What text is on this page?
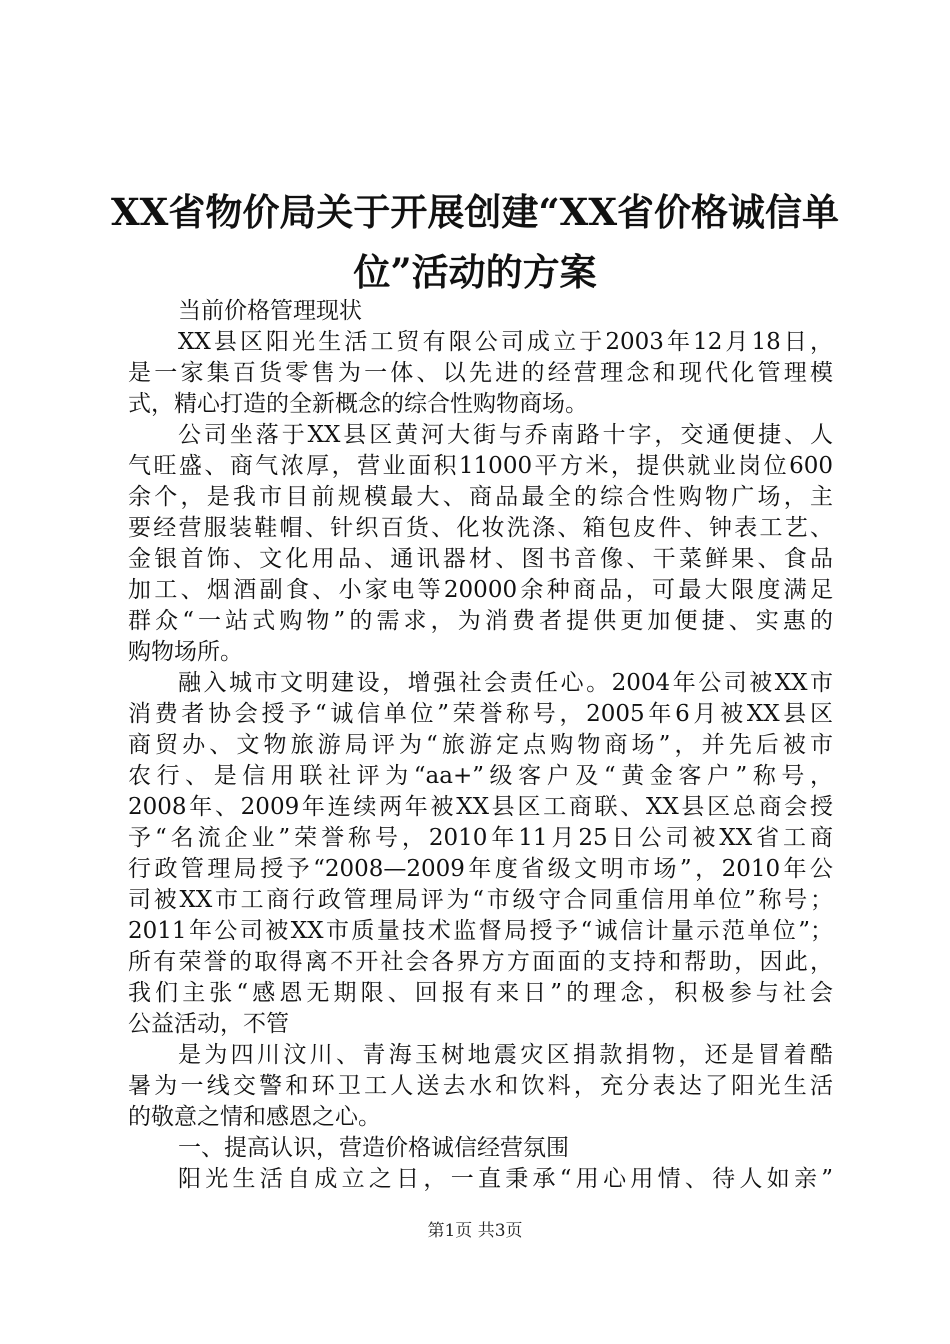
XX省物价局关于开展创建“XX省价格诚信单
位”活动的方案
当前价格管理现状
XX县区阳光生活工贸有限公司成立于2003年12月18日，
是一家集百货零售为一体、以先进的经营理念和现代化管理模
式，精心打造的全新概念的综合性购物商场。
公司坐落于XX县区黄河大街与乔南路十字，交通便捷、人
气旺盛、商气浓厚，营业面积11000平方米，提供就业岗位600
余个，是我市目前规模最大、商品最全的综合性购物广场，主
要经营服装鞋帽、针织百货、化妆洗涤、箱包皮件、钟表工艺、
金银首饰、文化用品、通讯器材、图书音像、干菜鲜果、食品
加工、烟酒副食、小家电等20000余种商品，可最大限度满足
群众“一站式购物”的需求，为消费者提供更加便捷、实惠的
购物场所。
融入城市文明建设，增强社会责任心。2004年公司被XX市
消费者协会授予“诚信单位”荣誉称号，2005年6月被XX县区
商贸办、文物旅游局评为“旅游定点购物商场”，并先后被市
农行、是信用联社评为“aa+”级客户及“黄金客户”称号，
2008年、2009年连续两年被XX县区工商联、XX县区总商会授
予“名流企业”荣誉称号，2010年11月25日公司被XX省工商
行政管理局授予“2008—2009年度省级文明市场”，2010年公
司被XX市工商行政管理局评为“市级守合同重信用单位”称号；
2011年公司被XX市质量技术监督局授予“诚信计量示范单位”；
所有荣誉的取得离不开社会各界方方面面的支持和帮助，因此，
我们主张“感恩无期限、回报有来日”的理念，积极参与社会
公益活动，不管
是为四川汶川、青海玉树地震灾区捐款捐物，还是冒着酷
暑为一线交警和环卫工人送去水和饮料，充分表达了阳光生活
的敬意之情和感恩之心。
一、提高认识，营造价格诚信经营氛围
阳光生活自成立之日，一直秉承“用心用情、待人如亲”
第1页 共3页
